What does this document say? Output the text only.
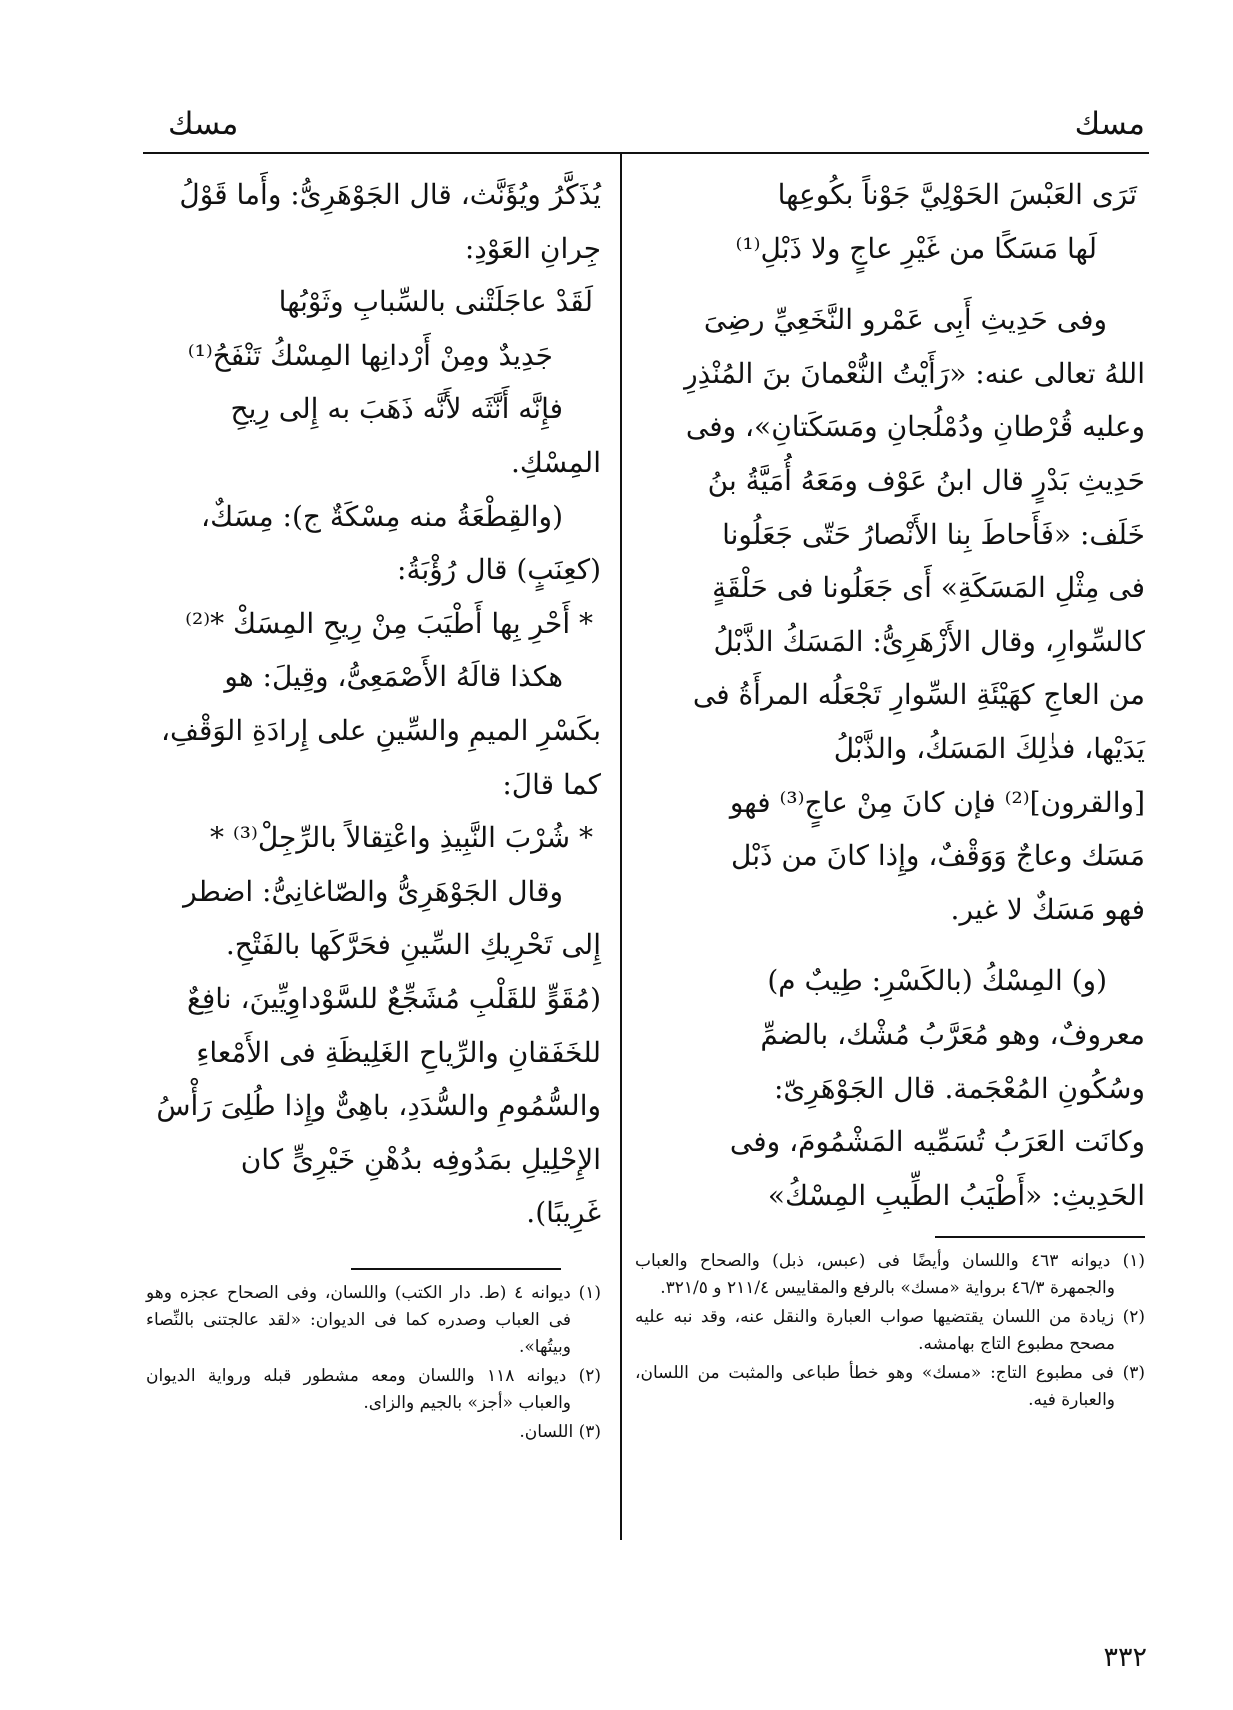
مسك
مسك

تَرَى العَبْسَ الحَوْلِيَّ جَوْناً بكُوعِها

لَها مَسَكًا من غَيْرِ عاجٍ ولا ذَبْلِ⁽¹⁾

وفى حَدِيثِ أَبِى عَمْرو النَّخَعِيِّ رضِىَ

اللهُ تعالى عنه: «رَأَيْتُ النُّعْمانَ بنَ المُنْذِرِ

وعليه قُرْطانِ ودُمْلُجانِ ومَسَكَتانِ»، وفى

حَدِيثِ بَدْرٍ قال ابنُ عَوْف ومَعَهُ أُمَيَّةُ بنُ

خَلَف: «فَأَحاطَ بِنا الأَنْصارُ حَتّى جَعَلُونا

فى مِثْلِ المَسَكَةِ» أَى جَعَلُونا فى حَلْقَةٍ

كالسِّوارِ، وقال الأَزْهَرِىُّ: المَسَكُ الذَّبْلُ

من العاجِ كهَيْئَةِ السِّوارِ تَجْعَلُه المرأَةُ فى

يَدَيْها، فذٰلِكَ المَسَكُ، والذَّبْلُ

[والقرون]⁽²⁾ فإن كانَ مِنْ عاجٍ⁽³⁾ فهو

مَسَك وعاجٌ وَوَقْفٌ، وإِذا كانَ من ذَبْل

فهو مَسَكٌ لا غير.

(و) المِسْكُ (بالكَسْرِ: طِيبٌ م)

معروفٌ، وهو مُعَرَّبُ مُشْك، بالضمِّ

وسُكُونِ المُعْجَمة. قال الجَوْهَرِىّ:

وكانَت العَرَبُ تُسَمِّيه المَشْمُومَ، وفى

الحَدِيثِ: «أَطْيَبُ الطِّيبِ المِسْكُ»

(١) ديوانه ٤٦٣ واللسان وأيضًا فى (عبس، ذبل) والصحاح والعباب والجمهرة ٤٦/٣ برواية «مسك» بالرفع والمقاييس ٢١١/٤ و ٣٢١/٥.

(٢) زيادة من اللسان يقتضيها صواب العبارة والنقل عنه، وقد نبه عليه مصحح مطبوع التاج بهامشه.

(٣) فى مطبوع التاج: «مسك» وهو خطأ طباعى والمثبت من اللسان، والعبارة فيه.

يُذَكَّرُ ويُؤَنَّث، قال الجَوْهَرِىُّ: وأَما قَوْلُ

جِرانِ العَوْدِ:

لَقَدْ عاجَلَتْنى بالسِّبابِ وثَوْبُها

جَدِيدٌ ومِنْ أَرْدانِها المِسْكُ تَنْفَحُ⁽¹⁾

فإِنَّه أَنَّثَه لأَنَّه ذَهَبَ به إِلى رِيحِ

المِسْكِ.

(والقِطْعَةُ منه مِسْكَةٌ ج): مِسَكٌ،

(كعِنَبٍ) قال رُؤْبَةُ:

* أَحْرِ بِها أَطْيَبَ مِنْ رِيحِ المِسَكْ *⁽²⁾

هكذا قالَهُ الأَصْمَعِىُّ، وقِيلَ: هو

بكَسْرِ الميمِ والسِّينِ على إِرادَةِ الوَقْفِ،

كما قالَ:

* شُرْبَ النَّبِيذِ واعْتِقالاً بالرِّجِلْ⁽³⁾ *

وقال الجَوْهَرِىُّ والصّاغانِىُّ: اضطر

إِلى تَحْرِيكِ السِّينِ فحَرَّكَها بالفَتْحِ.

(مُقَوٍّ للقَلْبِ مُشَجِّعٌ للسَّوْداوِيِّينَ، نافِعٌ

للخَفَقانِ والرِّياحِ الغَلِيظَةِ فى الأَمْعاءِ

والسُّمُومِ والسُّدَدِ، باهِىٌّ وإِذا طُلِىَ رَأْسُ

الإِحْلِيلِ بمَدُوفِه بدُهْنِ خَيْرِىٍّ كان

غَرِيبًا).

(١) ديوانه ٤ (ط. دار الكتب) واللسان، وفى الصحاح عجزه وهو فى العباب وصدره كما فى الديوان: «لقد عالجتنى بالنِّصاء وبيتُها».

(٢) ديوانه ١١٨ واللسان ومعه مشطور قبله ورواية الديوان والعباب «أجز» بالجيم والزاى.

(٣) اللسان.

٣٣٢
